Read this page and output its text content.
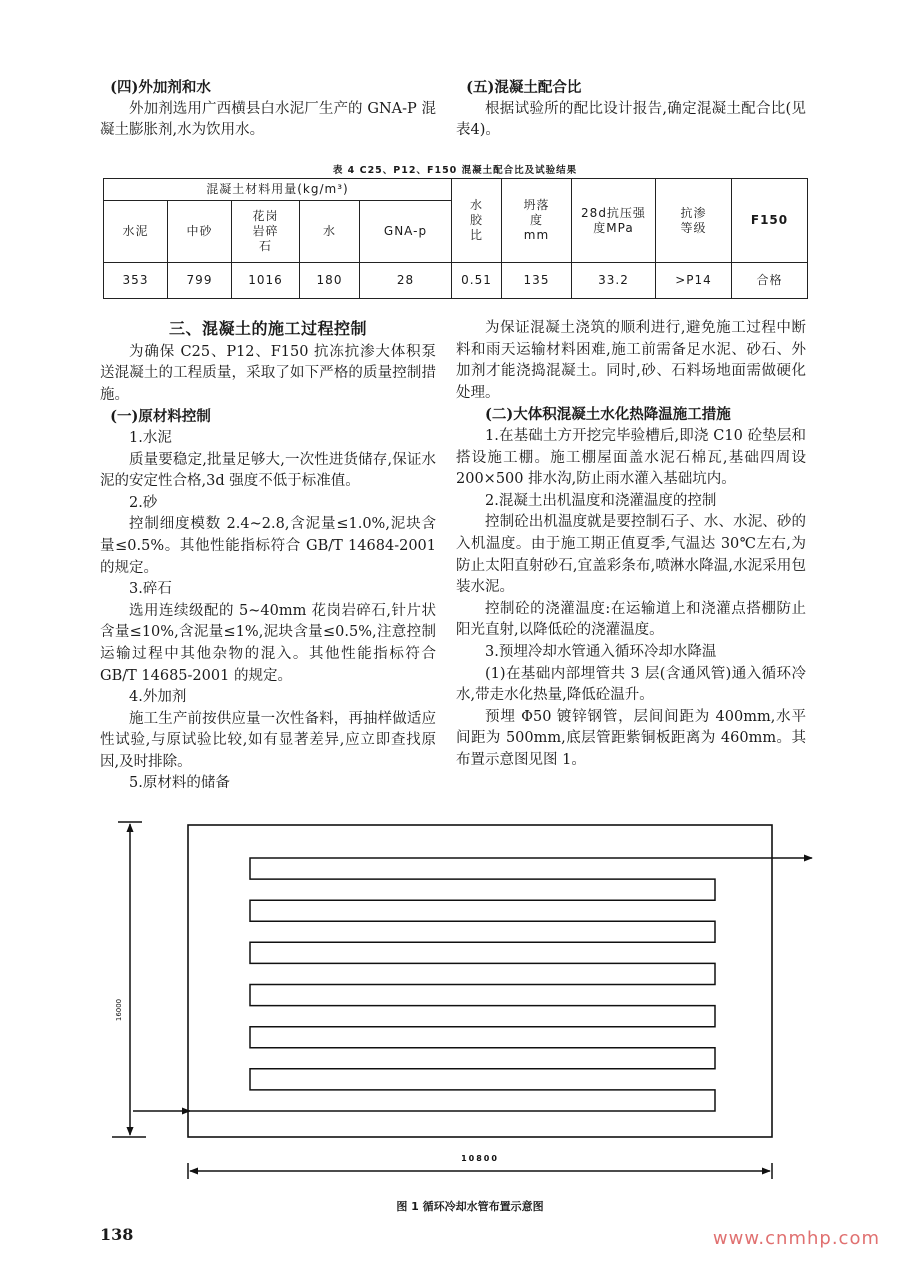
(四)外加剂和水

外加剂选用广西横县白水泥厂生产的 GNA-P 混凝土膨胀剂,水为饮用水。

(五)混凝土配合比

根据试验所的配比设计报告,确定混凝土配合比(见表4)。

表 4 C25、P12、F150 混凝土配合比及试验结果
混凝土材料用量(kg/m³)					水胶比	坍落度mm	28d抗压强度MPa	抗渗等级	F150
水泥	中砂	花岗岩碎石	水	GNA-p					
353	799	1016	180	28	0.51	135	33.2	>P14	合格
三、混凝土的施工过程控制

为确保 C25、P12、F150 抗冻抗渗大体积泵送混凝土的工程质量，采取了如下严格的质量控制措施。

(一)原材料控制
1.水泥

质量要稳定,批量足够大,一次性进货储存,保证水泥的安定性合格,3d 强度不低于标准值。

2.砂

控制细度模数 2.4~2.8,含泥量≤1.0%,泥块含量≤0.5%。其他性能指标符合 GB/T 14684-2001 的规定。

3.碎石

选用连续级配的 5~40mm 花岗岩碎石,针片状含量≤10%,含泥量≤1%,泥块含量≤0.5%,注意控制运输过程中其他杂物的混入。其他性能指标符合 GB/T 14685-2001 的规定。

4.外加剂

施工生产前按供应量一次性备料，再抽样做适应性试验,与原试验比较,如有显著差异,应立即查找原因,及时排除。

5.原材料的储备

为保证混凝土浇筑的顺利进行,避免施工过程中断料和雨天运输材料困难,施工前需备足水泥、砂石、外加剂才能浇捣混凝土。同时,砂、石料场地面需做硬化处理。

(二)大体积混凝土水化热降温施工措施

1.在基础土方开挖完毕验槽后,即浇 C10 砼垫层和搭设施工棚。施工棚屋面盖水泥石棉瓦,基础四周设 200×500 排水沟,防止雨水灌入基础坑内。

2.混凝土出机温度和浇灌温度的控制

控制砼出机温度就是要控制石子、水、水泥、砂的入机温度。由于施工期正值夏季,气温达 30℃左右,为防止太阳直射砂石,宜盖彩条布,喷淋水降温,水泥采用包装水泥。

控制砼的浇灌温度:在运输道上和浇灌点搭棚防止阳光直射,以降低砼的浇灌温度。

3.预埋冷却水管通入循环冷却水降温

(1)在基础内部埋管共 3 层(含通风管)通入循环冷水,带走水化热量,降低砼温升。

预埋 Φ50 镀锌钢管，层间间距为 400mm,水平间距为 500mm,底层管距紫铜板距离为 460mm。其布置示意图见图 1。

16000
10800
图 1 循环冷却水管布置示意图
138	www.cnmhp.com
